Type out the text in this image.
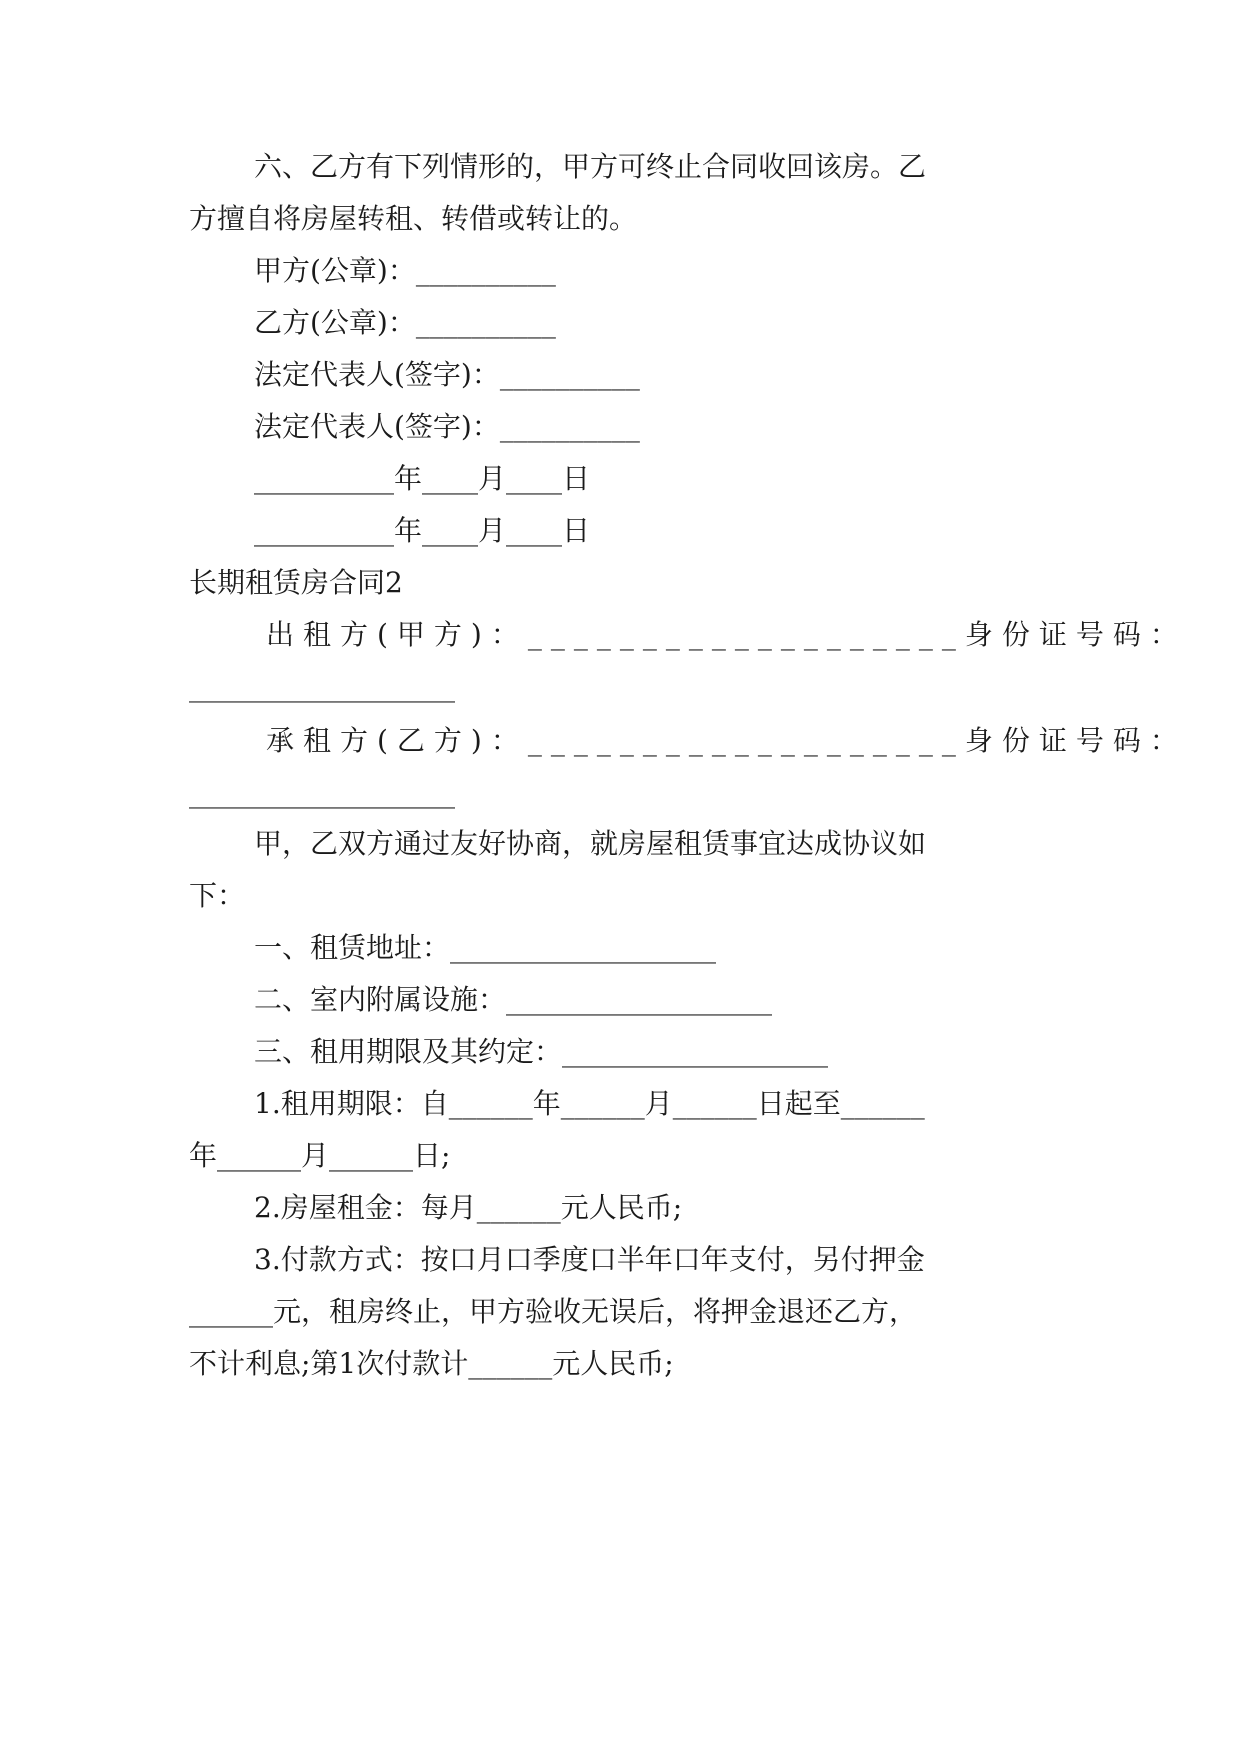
六、乙方有下列情形的，甲方可终止合同收回该房。乙
方擅自将房屋转租、转借或转让的。
甲方(公章)：__________
乙方(公章)：__________
法定代表人(签字)：__________
法定代表人(签字)：__________
__________年____月____日
__________年____月____日
长期租赁房合同2
出租方(甲方)：___________________身份证号码：
___________________
承租方(乙方)：___________________身份证号码：
___________________
甲，乙双方通过友好协商，就房屋租赁事宜达成协议如
下：
一、租赁地址：___________________
二、室内附属设施：___________________
三、租用期限及其约定：___________________
1.租用期限：自______年______月______日起至______
年______月______日;
2.房屋租金：每月______元人民币;
3.付款方式：按口月口季度口半年口年支付，另付押金
______元，租房终止，甲方验收无误后，将押金退还乙方，
不计利息;第1次付款计______元人民币;
